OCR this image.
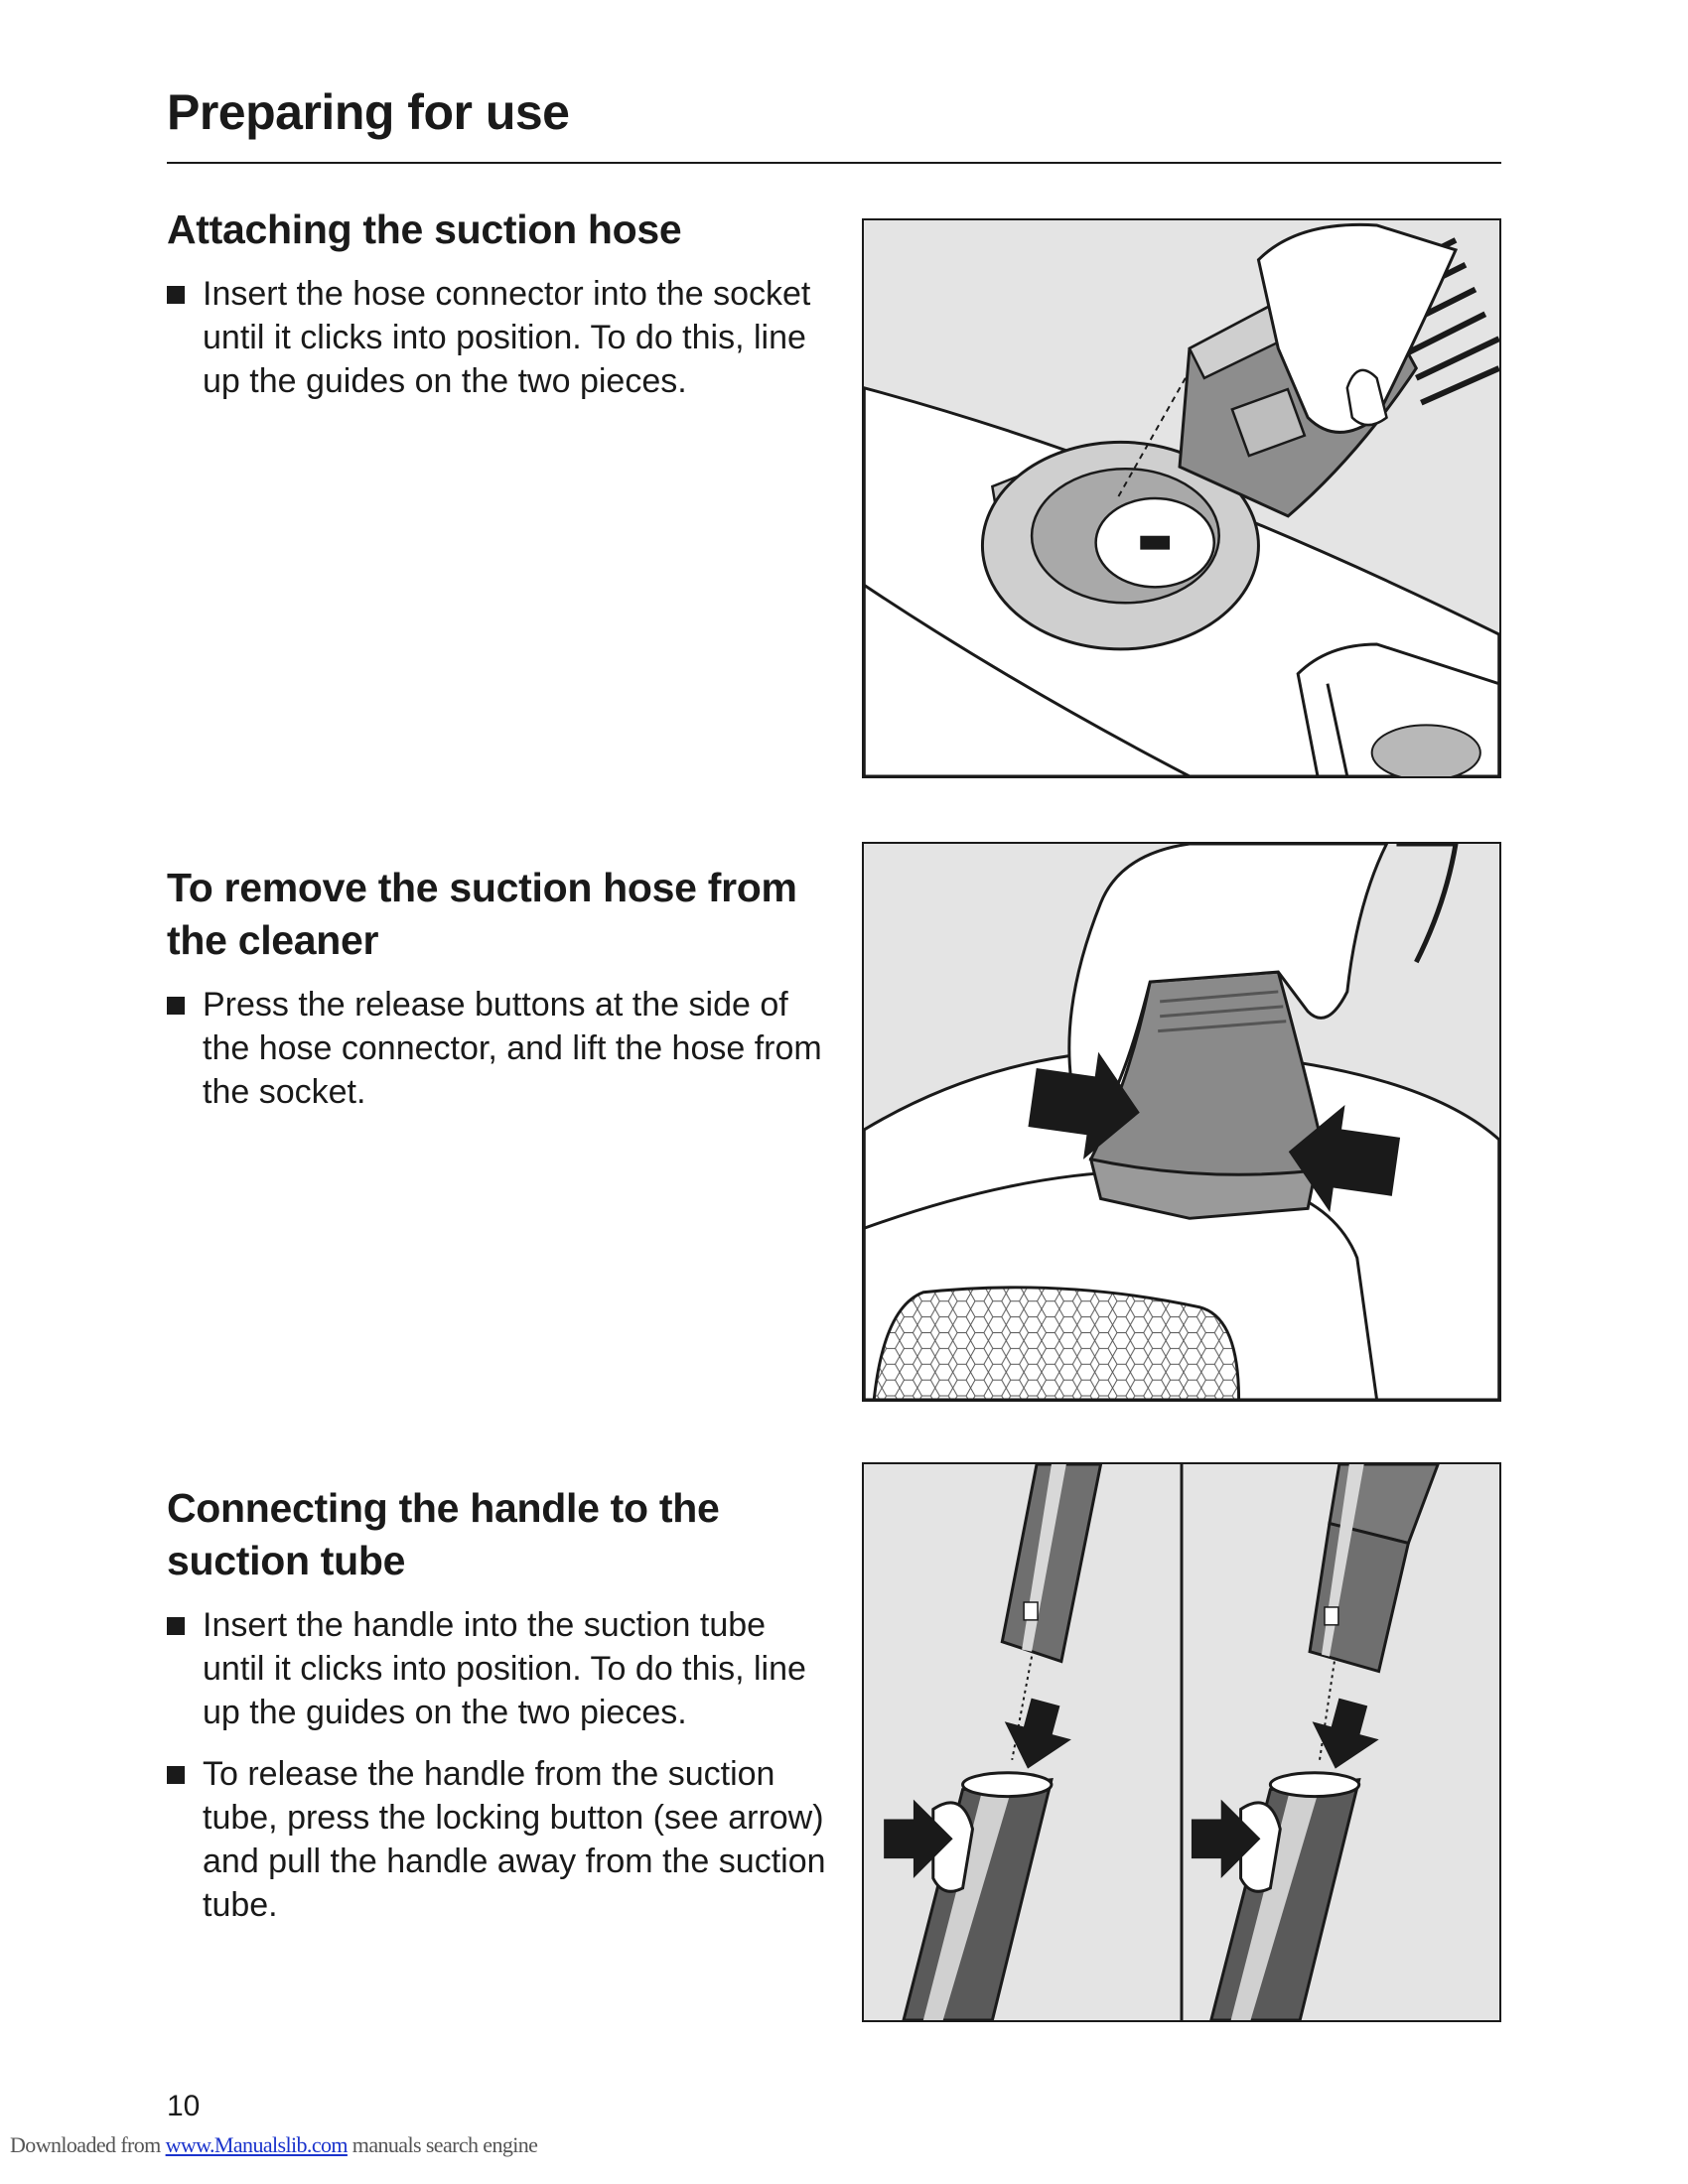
Preparing for use
Attaching the suction hose

Insert the hose connector into the socket until it clicks into position. To do this, line up the guides on the two pieces.

To remove the suction hose from the cleaner

Press the release buttons at the side of the hose connector, and lift the hose from the socket.

Connecting the handle to the suction tube

Insert the handle into the suction tube until it clicks into position. To do this, line up the guides on the two pieces.

To release the handle from the suction tube, press the locking button (see arrow) and pull the handle away from the suction tube.

10
Downloaded from www.Manualslib.com manuals search engine
